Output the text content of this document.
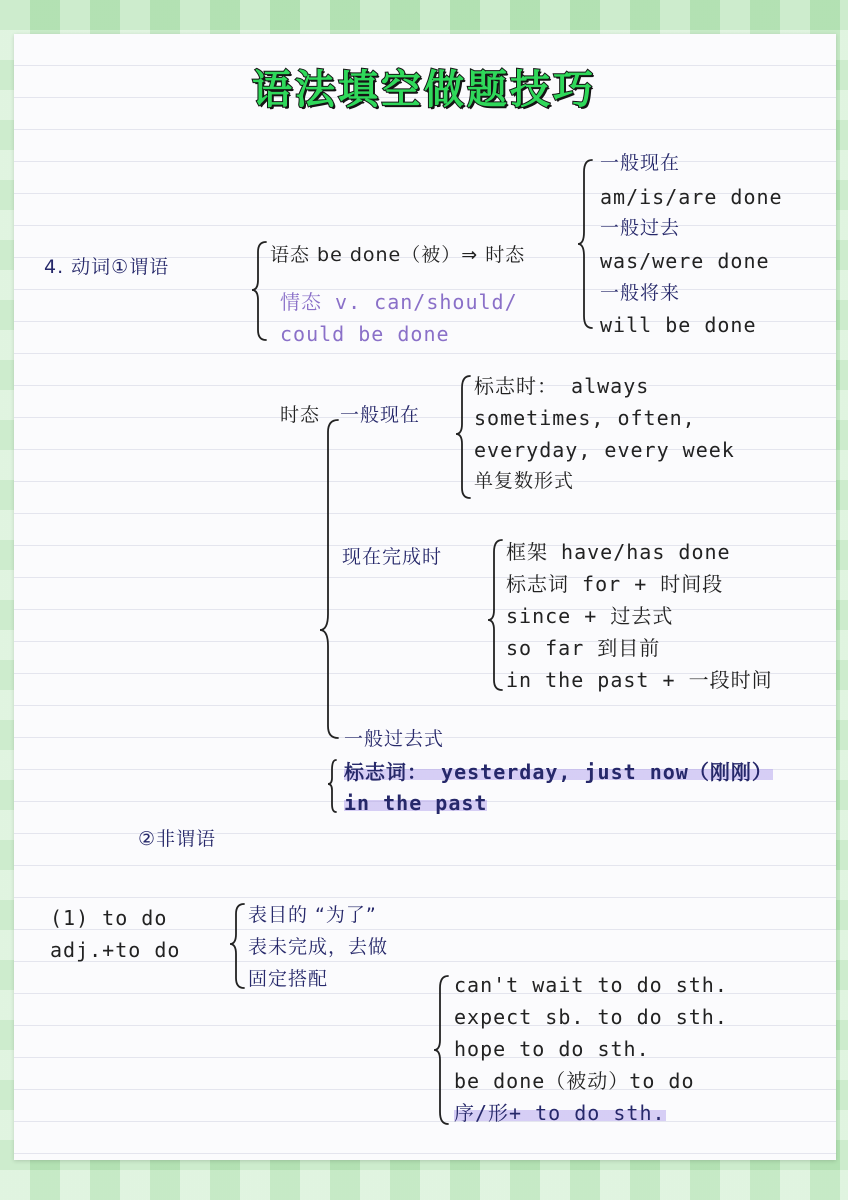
语法填空做题技巧
4. 动词①谓语
语态 be done（被）⇒ 时态
情态 v. can/should/
could be done
一般现在
am/is/are done
一般过去
was/were done
一般将来
will be done
时态 一般现在
标志时： always
sometimes, often,
everyday, every week
单复数形式
现在完成时	框架 have/has done
标志词 for + 时间段
since + 过去式
so far 到目前
in the past + 一段时间
一般过去式
标志词： yesterday, just now（刚刚）
in the past
②非谓语
(1) to do
adj.+to do
表目的 “为了”
表未完成，去做
固定搭配	can't wait to do sth.
expect sb. to do sth.
hope to do sth.
be done（被动）to do
序/形+ to do sth.
